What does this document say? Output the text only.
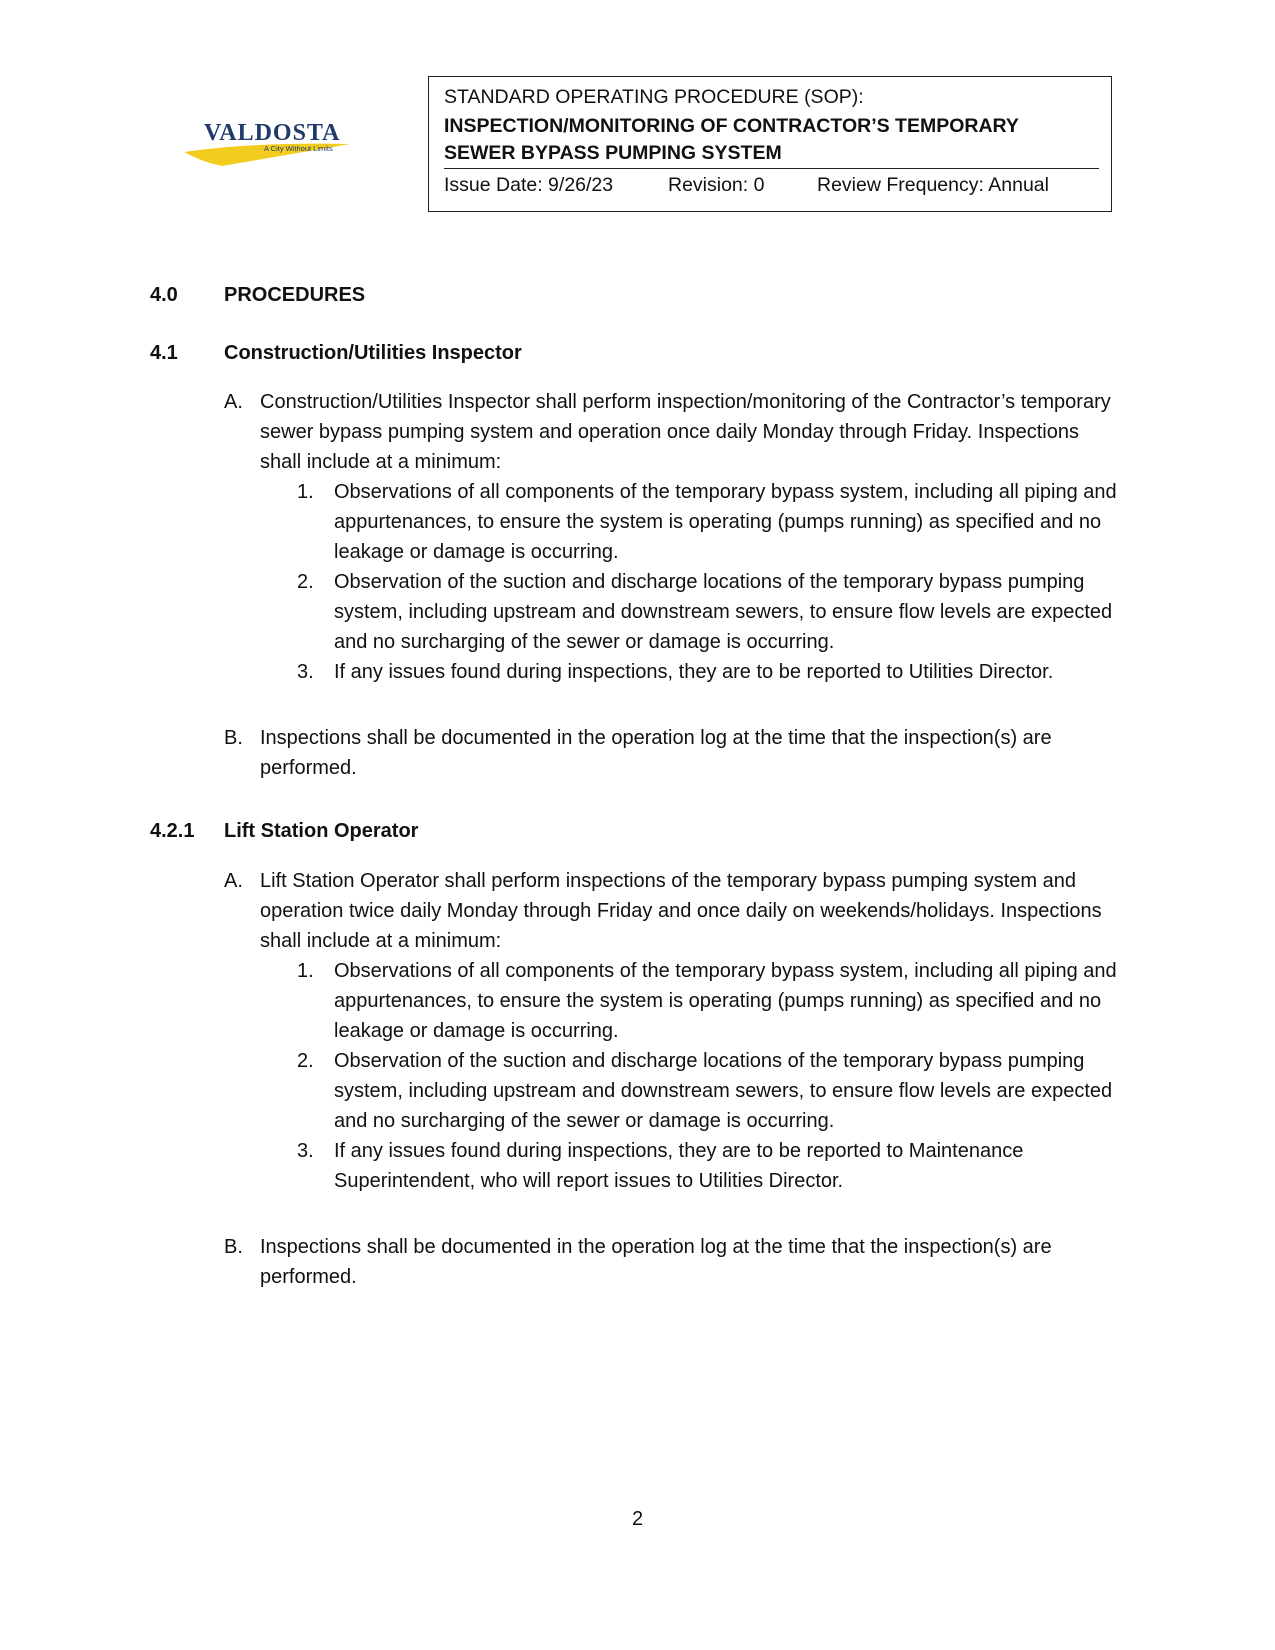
VALDOSTA
A City Without Limits
STANDARD OPERATING PROCEDURE (SOP):
INSPECTION/MONITORING OF CONTRACTOR’S TEMPORARY SEWER BYPASS PUMPING SYSTEM
Issue Date: 9/26/23	Revision: 0	Review Frequency: Annual
4.0 PROCEDURES
4.1 Construction/Utilities Inspector
A. Construction/Utilities Inspector shall perform inspection/monitoring of the Contractor’s temporary sewer bypass pumping system and operation once daily Monday through Friday. Inspections shall include at a minimum:
1. Observations of all components of the temporary bypass system, including all piping and appurtenances, to ensure the system is operating (pumps running) as specified and no leakage or damage is occurring.
2. Observation of the suction and discharge locations of the temporary bypass pumping system, including upstream and downstream sewers, to ensure flow levels are expected and no surcharging of the sewer or damage is occurring.
3. If any issues found during inspections, they are to be reported to Utilities Director.
B. Inspections shall be documented in the operation log at the time that the inspection(s) are performed.
4.2.1 Lift Station Operator
A. Lift Station Operator shall perform inspections of the temporary bypass pumping system and operation twice daily Monday through Friday and once daily on weekends/holidays. Inspections shall include at a minimum:
1. Observations of all components of the temporary bypass system, including all piping and appurtenances, to ensure the system is operating (pumps running) as specified and no leakage or damage is occurring.
2. Observation of the suction and discharge locations of the temporary bypass pumping system, including upstream and downstream sewers, to ensure flow levels are expected and no surcharging of the sewer or damage is occurring.
3. If any issues found during inspections, they are to be reported to Maintenance Superintendent, who will report issues to Utilities Director.
B. Inspections shall be documented in the operation log at the time that the inspection(s) are performed.
2
